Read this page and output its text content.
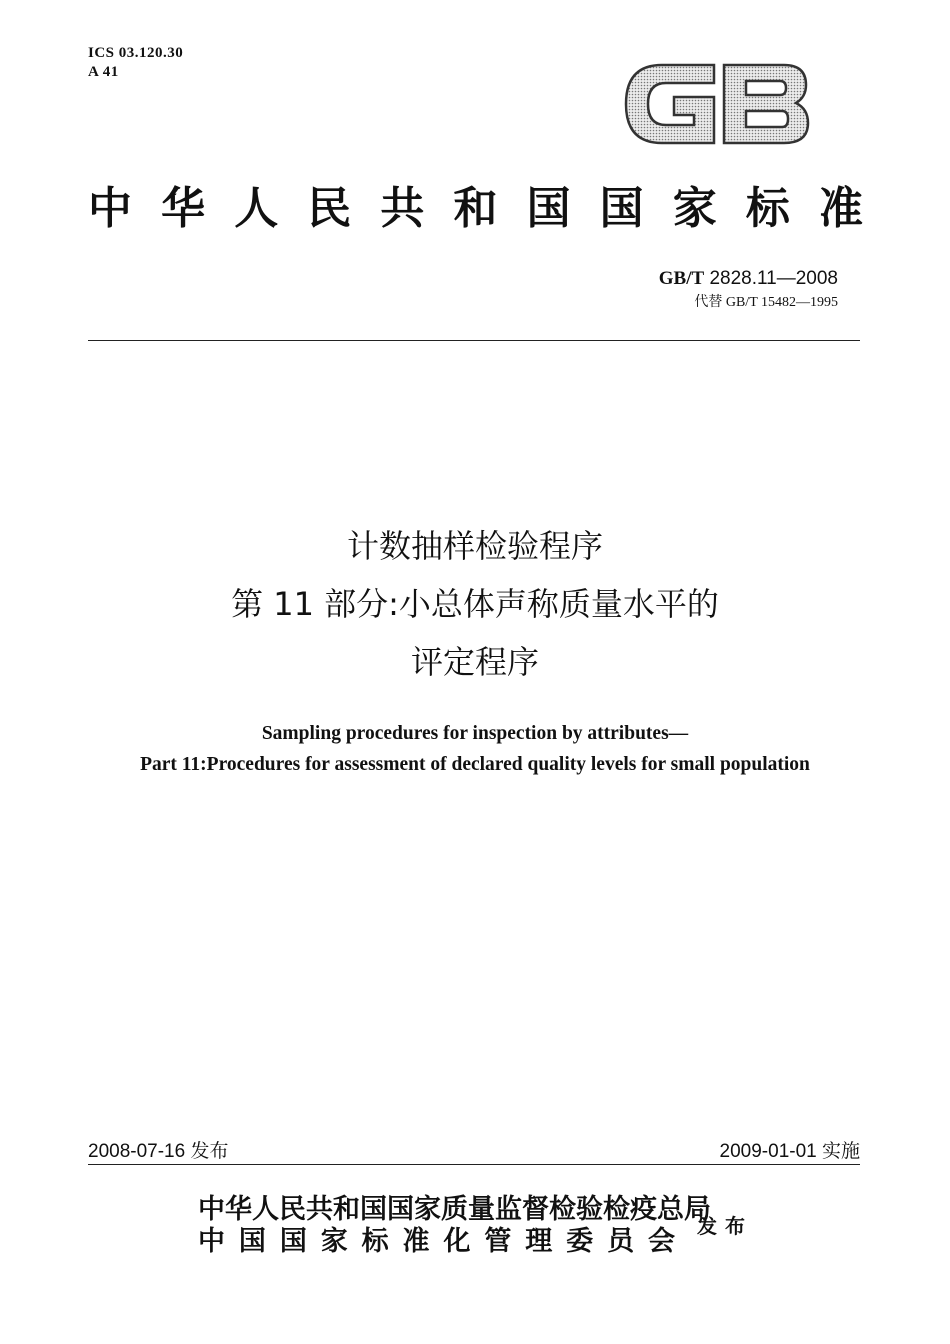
ICS 03.120.30
A 41
中 华 人 民 共 和 国 国 家 标 准
GB/T 2828.11—2008
代替 GB/T 15482—1995
计数抽样检验程序
第 11 部分:小总体声称质量水平的
评定程序
Sampling procedures for inspection by attributes—
Part 11:Procedures for assessment of declared quality levels for small population
2008-07-16 发布	2009-01-01 实施
中华人民共和国国家质量监督检验检疫总局
中 国 国 家 标 准 化 管 理 委 员 会 发布
